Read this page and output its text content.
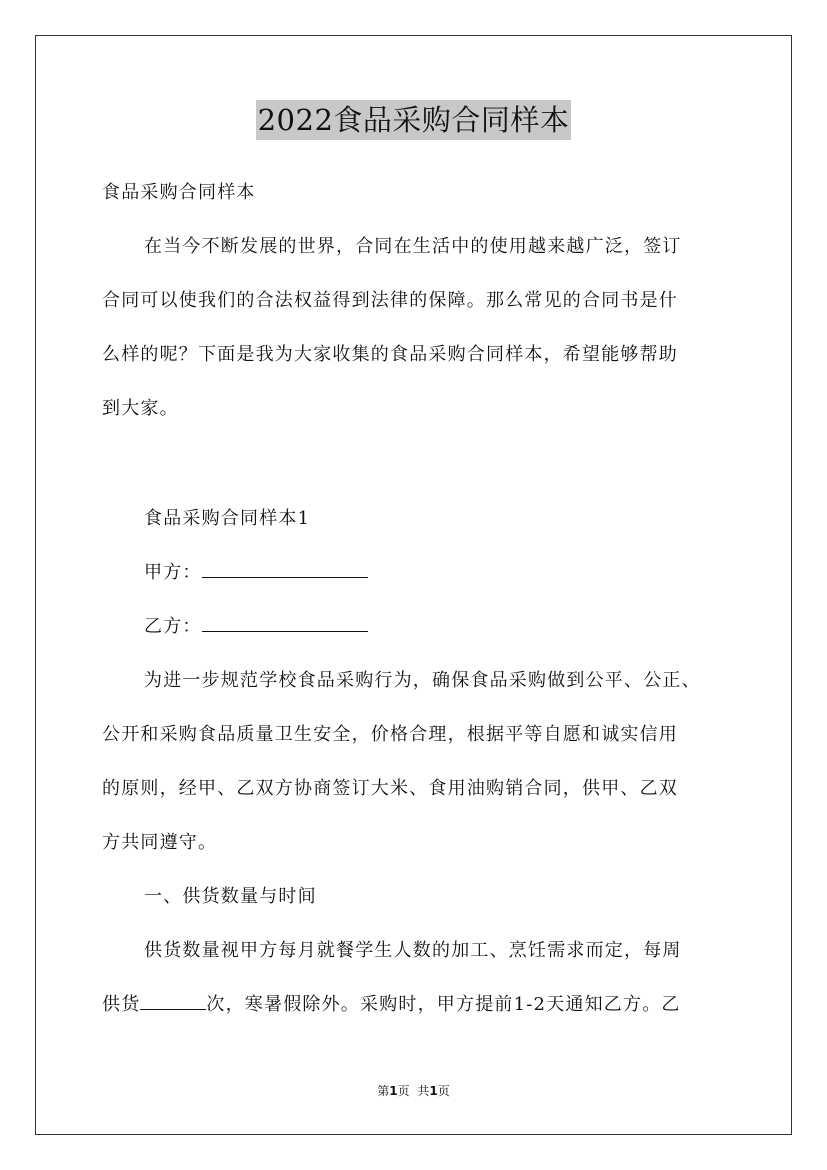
2022食品采购合同样本
食品采购合同样本
在当今不断发展的世界，合同在生活中的使用越来越广泛，签订
合同可以使我们的合法权益得到法律的保障。那么常见的合同书是什
么样的呢？下面是我为大家收集的食品采购合同样本，希望能够帮助
到大家。
食品采购合同样本1
甲方：
乙方：
为进一步规范学校食品采购行为，确保食品采购做到公平、公正、
公开和采购食品质量卫生安全，价格合理，根据平等自愿和诚实信用
的原则，经甲、乙双方协商签订大米、食用油购销合同，供甲、乙双
方共同遵守。
一、供货数量与时间
供货数量视甲方每月就餐学生人数的加工、烹饪需求而定，每周
供货	次，寒暑假除外。采购时，甲方提前1-2天通知乙方。乙
第1页 共1页
